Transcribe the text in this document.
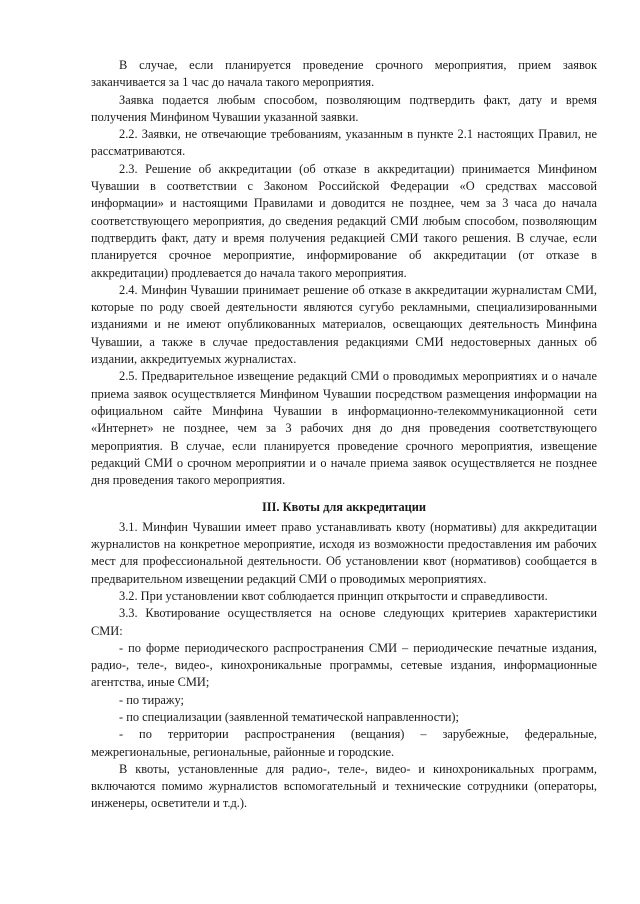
В случае, если планируется проведение срочного мероприятия, прием заявок заканчивается за 1 час до начала такого мероприятия.

Заявка подается любым способом, позволяющим подтвердить факт, дату и время получения Минфином Чувашии указанной заявки.

2.2. Заявки, не отвечающие требованиям, указанным в пункте 2.1 настоящих Правил, не рассматриваются.

2.3. Решение об аккредитации (об отказе в аккредитации) принимается Минфином Чувашии в соответствии с Законом Российской Федерации «О средствах массовой информации» и настоящими Правилами и доводится не позднее, чем за 3 часа до начала соответствующего мероприятия, до сведения редакций СМИ любым способом, позволяющим подтвердить факт, дату и время получения редакцией СМИ такого решения. В случае, если планируется срочное мероприятие, информирование об аккредитации (от отказе в аккредитации) продлевается до начала такого мероприятия.

2.4. Минфин Чувашии принимает решение об отказе в аккредитации журналистам СМИ, которые по роду своей деятельности являются сугубо рекламными, специализированными изданиями и не имеют опубликованных материалов, освещающих деятельность Минфина Чувашии, а также в случае предоставления редакциями СМИ недостоверных данных об издании, аккредитуемых журналистах.

2.5. Предварительное извещение редакций СМИ о проводимых мероприятиях и о начале приема заявок осуществляется Минфином Чувашии посредством размещения информации на официальном сайте Минфина Чувашии в информационно-телекоммуникационной сети «Интернет» не позднее, чем за 3 рабочих дня до дня проведения соответствующего мероприятия. В случае, если планируется проведение срочного мероприятия, извещение редакций СМИ о срочном мероприятии и о начале приема заявок осуществляется не позднее дня проведения такого мероприятия.

III. Квоты для аккредитации

3.1. Минфин Чувашии имеет право устанавливать квоту (нормативы) для аккредитации журналистов на конкретное мероприятие, исходя из возможности предоставления им рабочих мест для профессиональной деятельности. Об установлении квот (нормативов) сообщается в предварительном извещении редакций СМИ о проводимых мероприятиях.

3.2. При установлении квот соблюдается принцип открытости и справедливости.

3.3. Квотирование осуществляется на основе следующих критериев характеристики СМИ:

- по форме периодического распространения СМИ – периодические печатные издания, радио-, теле-, видео-, кинохроникальные программы, сетевые издания, информационные агентства, иные СМИ;

- по тиражу;

- по специализации (заявленной тематической направленности);

- по территории распространения (вещания) – зарубежные, федеральные, межрегиональные, региональные, районные и городские.

В квоты, установленные для радио-, теле-, видео- и кинохроникальных программ, включаются помимо журналистов вспомогательный и технические сотрудники (операторы, инженеры, осветители и т.д.).
